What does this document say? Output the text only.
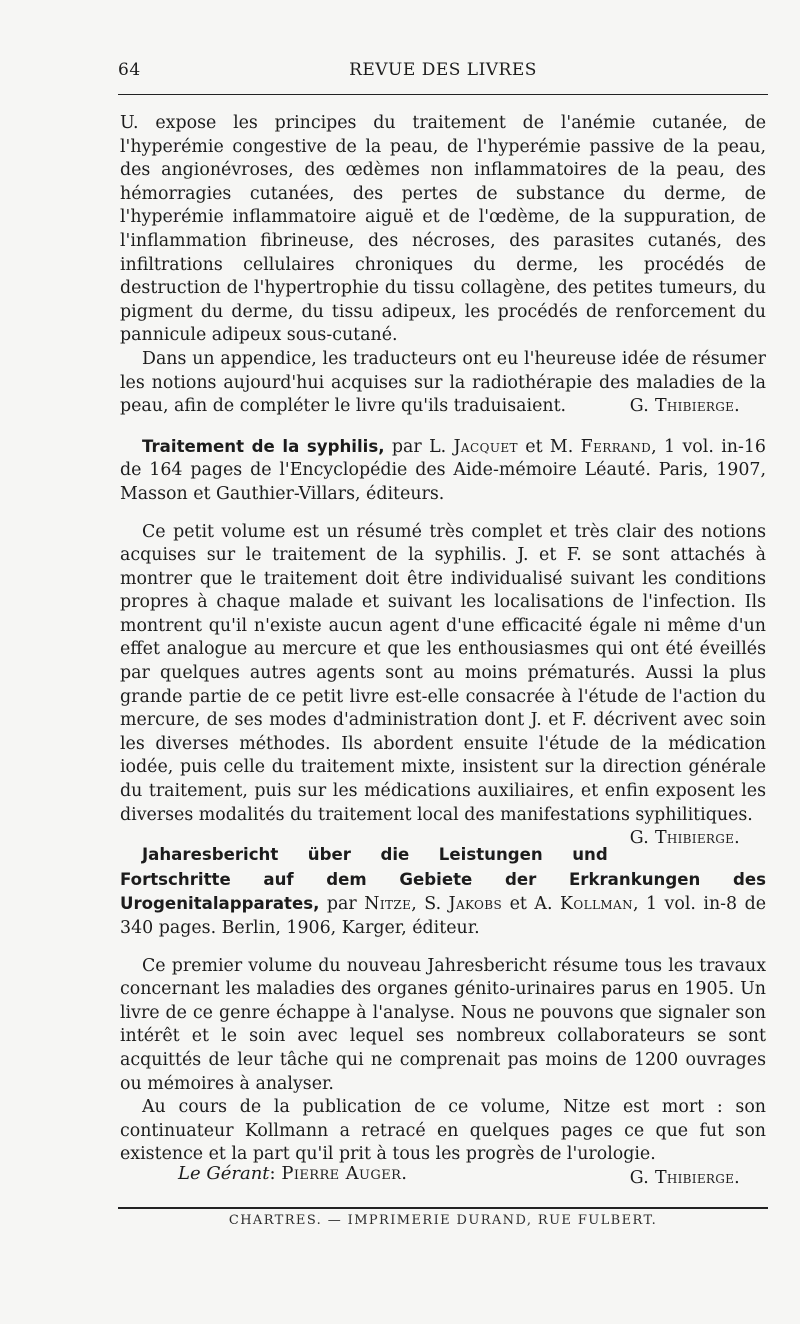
64	REVUE DES LIVRES

U. expose les principes du traitement de l'anémie cutanée, de l'hyperémie congestive de la peau, de l'hyperémie passive de la peau, des angionévroses, des œdèmes non inflammatoires de la peau, des hémorragies cutanées, des pertes de substance du derme, de l'hyperémie inflammatoire aiguë et de l'œdème, de la suppuration, de l'inflammation fibrineuse, des nécroses, des parasites cutanés, des infiltrations cellulaires chroniques du derme, les procédés de destruction de l'hypertrophie du tissu collagène, des petites tumeurs, du pigment du derme, du tissu adipeux, les procédés de renforcement du pannicule adipeux sous-cutané.

Dans un appendice, les traducteurs ont eu l'heureuse idée de résumer les notions aujourd'hui acquises sur la radiothérapie des maladies de la peau, afin de compléter le livre qu'ils traduisaient.	G. Thibierge.

Traitement de la syphilis, par L. Jacquet et M. Ferrand, 1 vol. in-16 de 164 pages de l'Encyclopédie des Aide-mémoire Léauté. Paris, 1907, Masson et Gauthier-Villars, éditeurs.

Ce petit volume est un résumé très complet et très clair des notions acquises sur le traitement de la syphilis. J. et F. se sont attachés à montrer que le traitement doit être individualisé suivant les conditions propres à chaque malade et suivant les localisations de l'infection. Ils montrent qu'il n'existe aucun agent d'une efficacité égale ni même d'un effet analogue au mercure et que les enthousiasmes qui ont été éveillés par quelques autres agents sont au moins prématurés. Aussi la plus grande partie de ce petit livre est-elle consacrée à l'étude de l'action du mercure, de ses modes d'administration dont J. et F. décrivent avec soin les diverses méthodes. Ils abordent ensuite l'étude de la médication iodée, puis celle du traitement mixte, insistent sur la direction générale du traitement, puis sur les médications auxiliaires, et enfin exposent les diverses modalités du traitement local des manifestations syphilitiques.
G. Thibierge.

Jaharesbericht über die Leistungen und Fortschritte auf dem Gebiete der Erkrankungen des Urogenitalapparates, par Nitze, S. Jakobs et A. Kollman, 1 vol. in-8 de 340 pages. Berlin, 1906, Karger, éditeur.

Ce premier volume du nouveau Jahresbericht résume tous les travaux concernant les maladies des organes génito-urinaires parus en 1905. Un livre de ce genre échappe à l'analyse. Nous ne pouvons que signaler son intérêt et le soin avec lequel ses nombreux collaborateurs se sont acquittés de leur tâche qui ne comprenait pas moins de 1200 ouvrages ou mémoires à analyser.

Au cours de la publication de ce volume, Nitze est mort : son continuateur Kollmann a retracé en quelques pages ce que fut son existence et la part qu'il prit à tous les progrès de l'urologie.
G. Thibierge.

Le Gérant: Pierre Auger.
CHARTRES. — IMPRIMERIE DURAND, RUE FULBERT.
